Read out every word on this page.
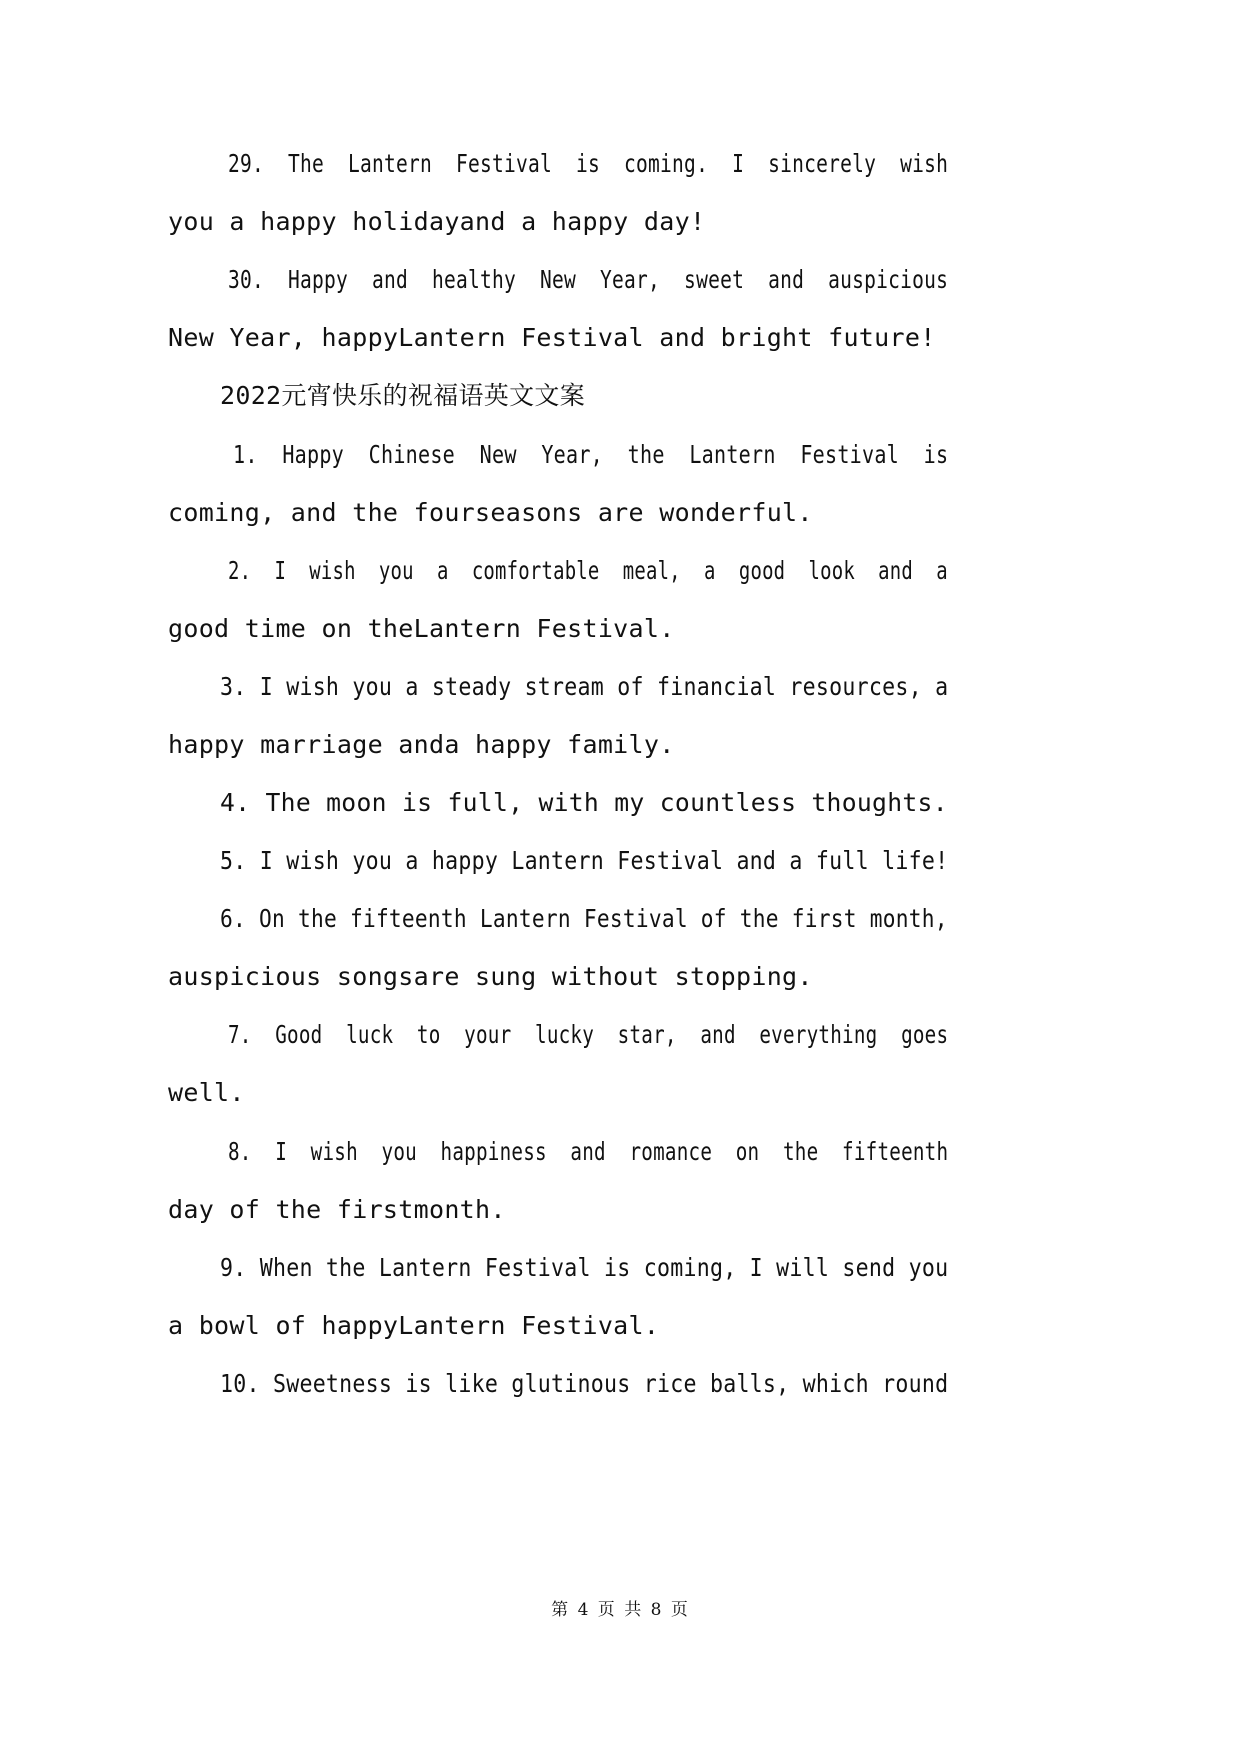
29.  The  Lantern  Festival  is  coming.  I  sincerely  wish
you a happy holidayand a happy day!
30.  Happy  and  healthy  New  Year,  sweet  and  auspicious
New Year, happyLantern Festival and bright future!
2022元宵快乐的祝福语英文文案
1.  Happy  Chinese  New  Year,  the  Lantern  Festival  is
coming, and the fourseasons are wonderful.
2.  I  wish  you  a  comfortable  meal,  a  good  look  and  a
good time on theLantern Festival.
3. I wish you a steady stream of financial resources, a
happy marriage anda happy family.
4. The moon is full, with my countless thoughts.
5. I wish you a happy Lantern Festival and a full life!
6. On the fifteenth Lantern Festival of the first month,
auspicious songsare sung without stopping.
7.  Good  luck  to  your  lucky  star,  and  everything  goes
well.
8.  I  wish  you  happiness  and  romance  on  the  fifteenth
day of the firstmonth.
9. When the Lantern Festival is coming, I will send you
a bowl of happyLantern Festival.
10. Sweetness is like glutinous rice balls, which round
第 4 页 共 8 页
